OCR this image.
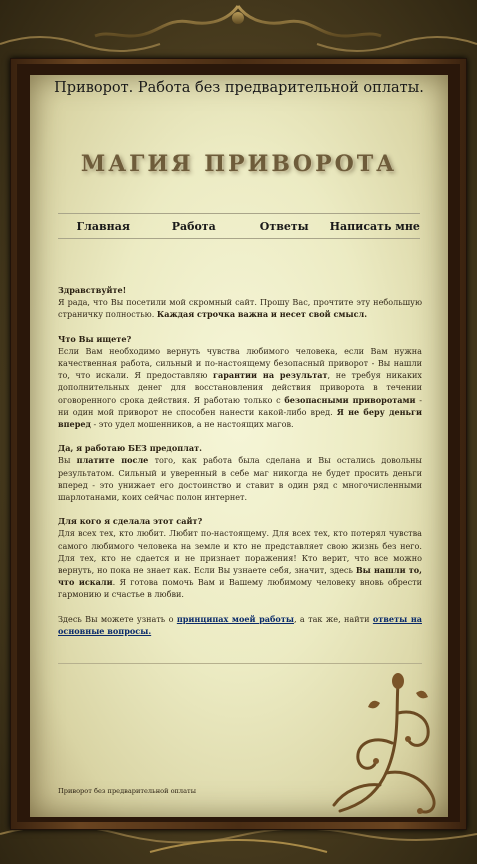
Приворот. Работа без предварительной оплаты.
МАГИЯ ПРИВОРОТА
Главная	Работа	Ответы	Написать мне

Здравствуйте!
Я рада, что Вы посетили мой скромный сайт. Прошу Вас, прочтите эту небольшую страничку полностью. Каждая строчка важна и несет свой смысл.

Что Вы ищете?
Если Вам необходимо вернуть чувства любимого человека, если Вам нужна качественная работа, сильный и по-настоящему безопасный приворот - Вы нашли то, что искали. Я предоставляю гарантии на результат, не требуя никаких дополнительных денег для восстановления действия приворота в течении оговоренного срока действия. Я работаю только с безопасными приворотами - ни один мой приворот не способен нанести какой-либо вред. Я не беру деньги вперед - это удел мошенников, а не настоящих магов.

Да, я работаю БЕЗ предоплат.
Вы платите после того, как работа была сделана и Вы остались довольны результатом. Сильный и уверенный в себе маг никогда не будет просить деньги вперед - это унижает его достоинство и ставит в один ряд с многочисленными шарлотанами, коих сейчас полон интернет.

Для кого я сделала этот сайт?
Для всех тех, кто любит. Любит по-настоящему. Для всех тех, кто потерял чувства самого любимого человека на земле и кто не представляет свою жизнь без него. Для тех, кто не сдается и не признает поражения! Кто верит, что все можно вернуть, но пока не знает как. Если Вы узнаете себя, значит, здесь Вы нашли то, что искали. Я готова помочь Вам и Вашему любимому человеку вновь обрести гармонию и счастье в любви.

Здесь Вы можете узнать о принципах моей работы, а так же, найти ответы на основные вопросы.

Приворот без предварительной оплаты
